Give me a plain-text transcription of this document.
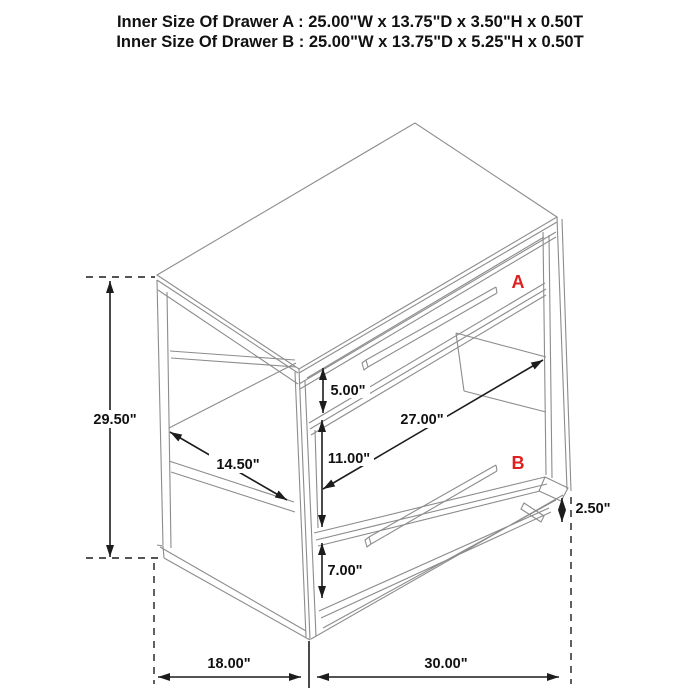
Inner Size Of Drawer A : 25.00"W x 13.75"D x 3.50"H x 0.50T
Inner Size Of Drawer B : 25.00"W x 13.75"D x 5.25"H x 0.50T
29.50"
14.50"
5.00"
11.00"
27.00"
7.00"
2.50"
18.00"	30.00"
A
B
